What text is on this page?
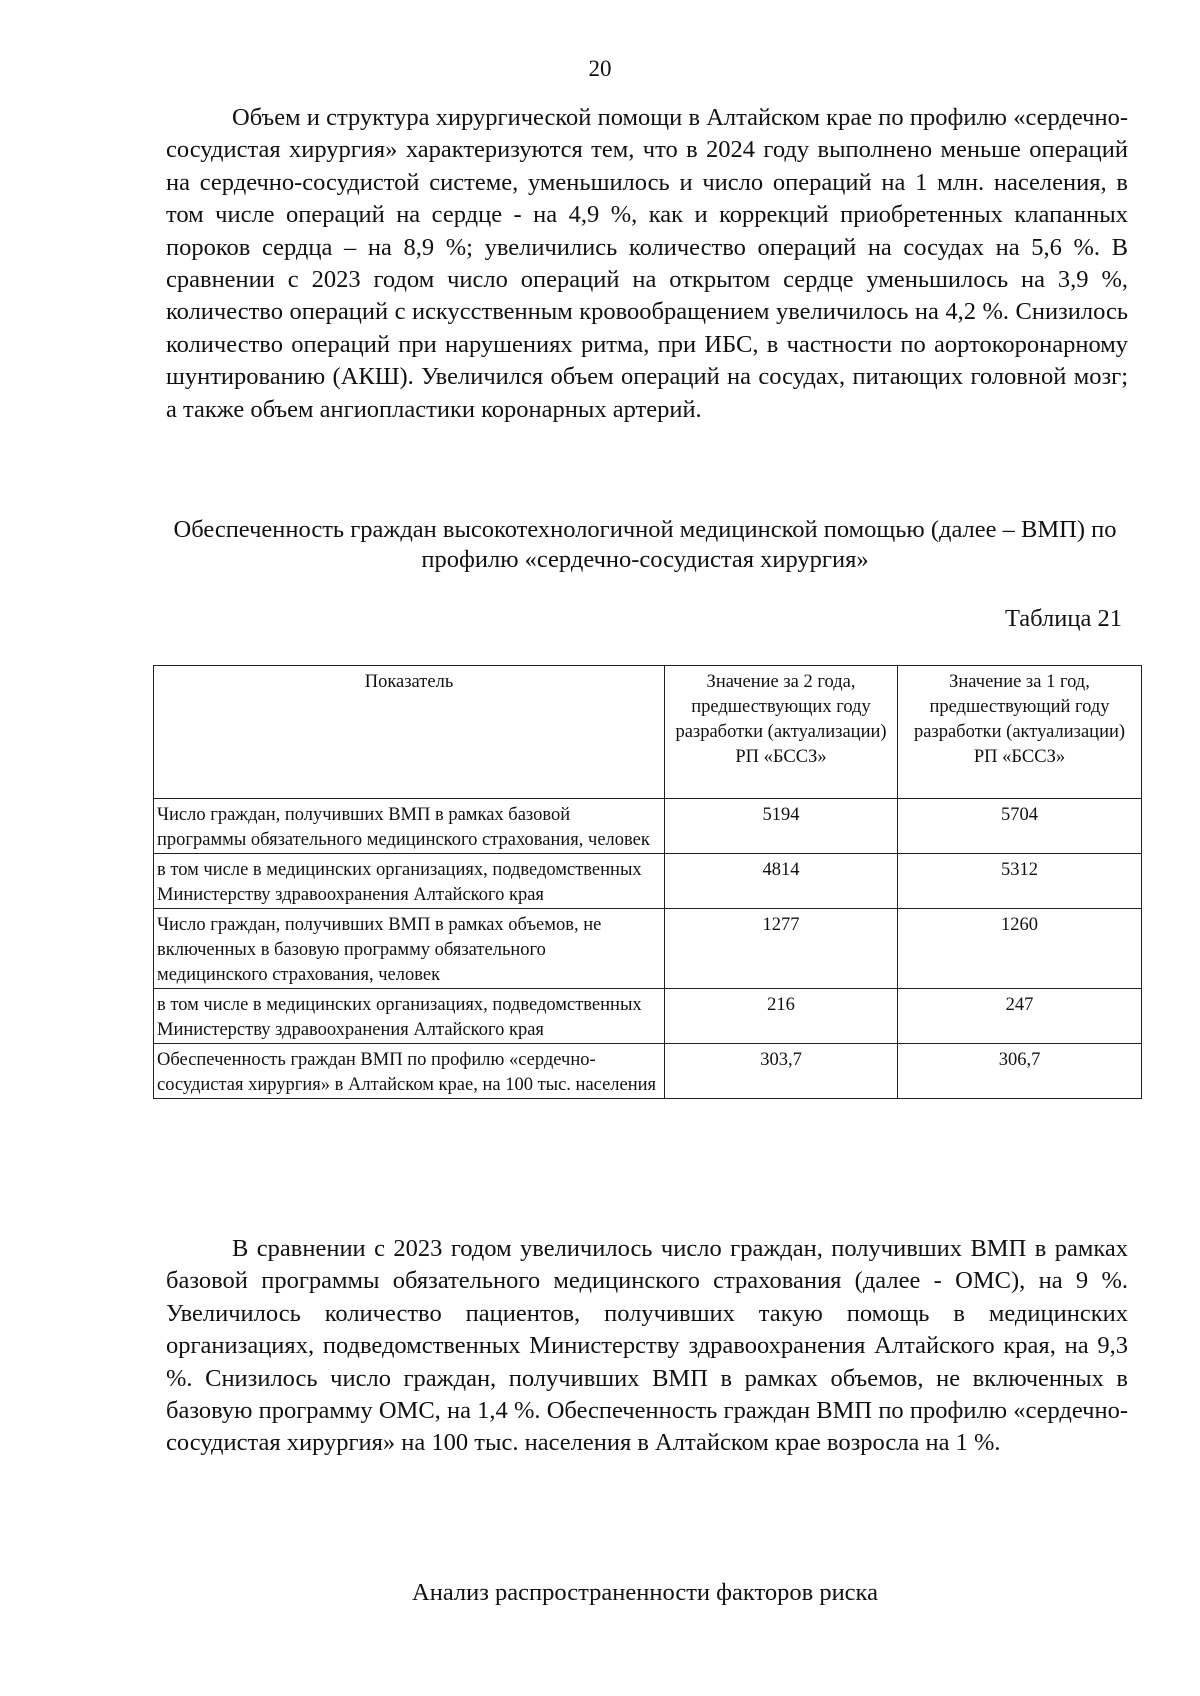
20

Объем и структура хирургической помощи в Алтайском крае по профилю «сердечно-сосудистая хирургия» характеризуются тем, что в 2024 году выполнено меньше операций на сердечно-сосудистой системе, уменьшилось и число операций на 1 млн. населения, в том числе операций на сердце - на 4,9 %, как и коррекций приобретенных клапанных пороков сердца – на 8,9 %; увеличились количество операций на сосудах на 5,6 %. В сравнении с 2023 годом число операций на открытом сердце уменьшилось на 3,9 %, количество операций с искусственным кровообращением увеличилось на 4,2 %. Снизилось количество операций при нарушениях ритма, при ИБС, в частности по аортокоронарному шунтированию (АКШ). Увеличился объем операций на сосудах, питающих головной мозг; а также объем ангиопластики коронарных артерий.

Обеспеченность граждан высокотехнологичной медицинской помощью (далее – ВМП) по профилю «сердечно-сосудистая хирургия»

Таблица 21
Показатель	Значение за 2 года, предшествующих году разработки (актуализации) РП «БССЗ»	Значение за 1 год, предшествующий году разработки (актуализации) РП «БССЗ»
Число граждан, получивших ВМП в рамках базовой программы обязательного медицинского страхования, человек	5194	5704
в том числе в медицинских организациях, подведомственных Министерству здравоохранения Алтайского края	4814	5312
Число граждан, получивших ВМП в рамках объемов, не включенных в базовую программу обязательного медицинского страхования, человек	1277	1260
в том числе в медицинских организациях, подведомственных Министерству здравоохранения Алтайского края	216	247
Обеспеченность граждан ВМП по профилю «сердечно-сосудистая хирургия» в Алтайском крае, на 100 тыс. населения	303,7	306,7

В сравнении с 2023 годом увеличилось число граждан, получивших ВМП в рамках базовой программы обязательного медицинского страхования (далее - ОМС), на 9 %. Увеличилось количество пациентов, получивших такую помощь в медицинских организациях, подведомственных Министерству здравоохранения Алтайского края, на 9,3 %. Снизилось число граждан, получивших ВМП в рамках объемов, не включенных в базовую программу ОМС, на 1,4 %. Обеспеченность граждан ВМП по профилю «сердечно-сосудистая хирургия» на 100 тыс. населения в Алтайском крае возросла на 1 %.

Анализ распространенности факторов риска
